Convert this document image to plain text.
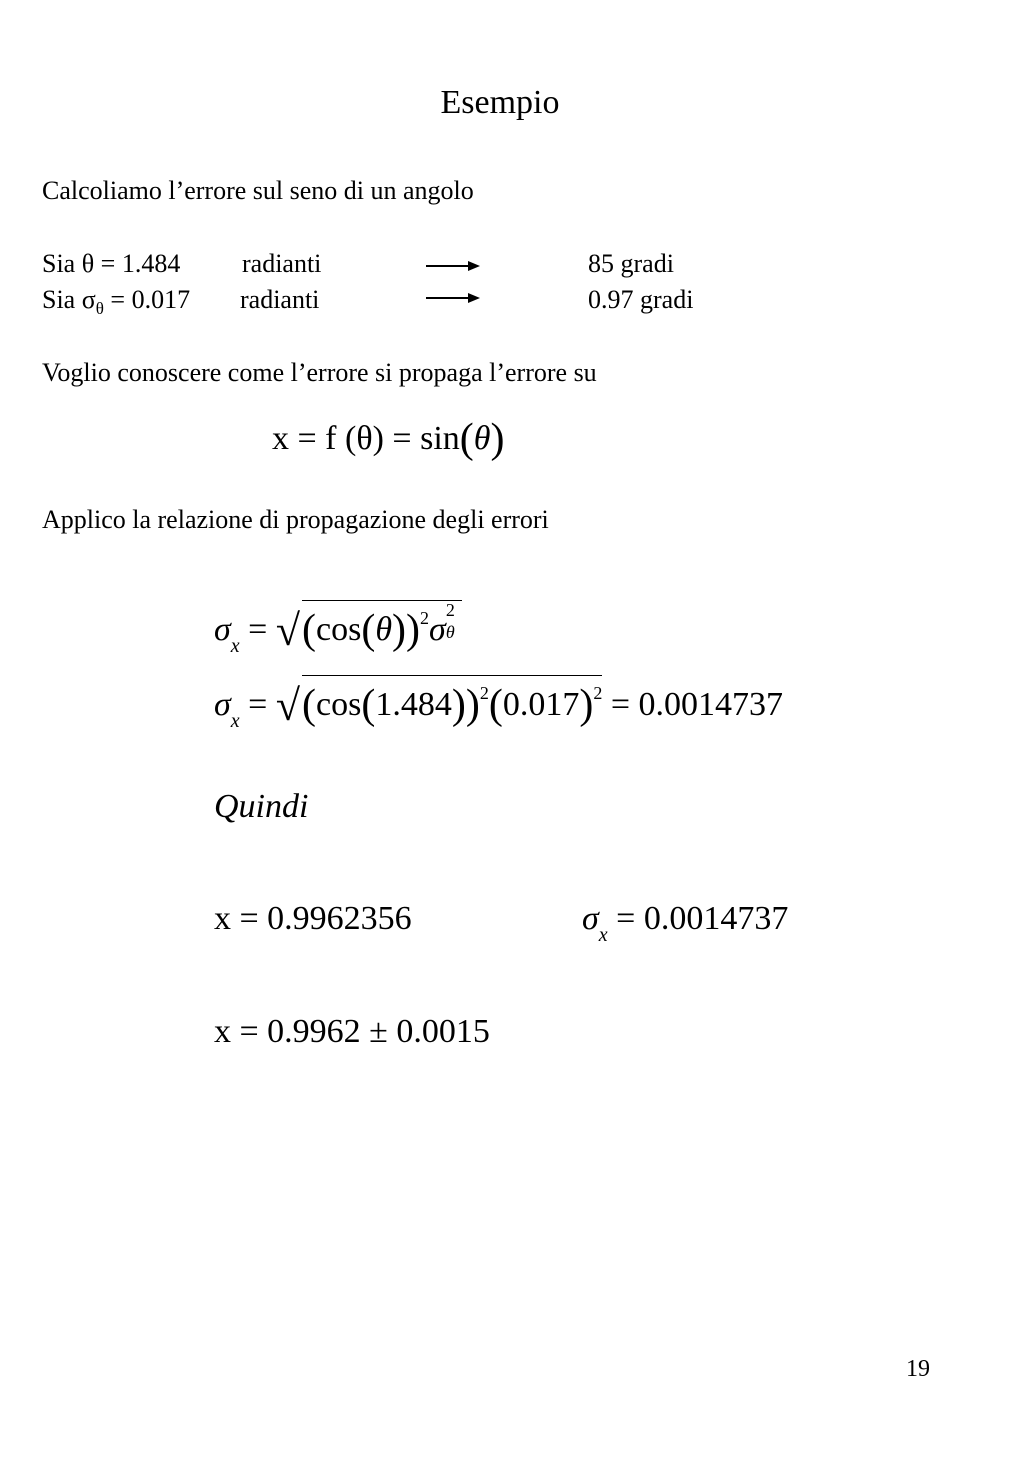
Esempio
Calcoliamo l’errore sul seno di un angolo
Sia θ = 1.484 radianti	85 gradi
Sia $\sigma_\theta = 0.017$ radianti	0.97 gradi
Voglio conoscere come l’errore si propaga l’errore su
x = f (θ) = sin(θ)
Applico la relazione di propagazione degli errori
$\sigma_x = √(\cos(\theta))^2\sigma$
2
θ
$\sigma_x = √(\cos(1.484))^2(0.017)^2 = 0.0014737$
Quindi
x = 0.9962356	$\sigma_x = 0.0014737$
x = 0.9962 ± 0.0015
19
